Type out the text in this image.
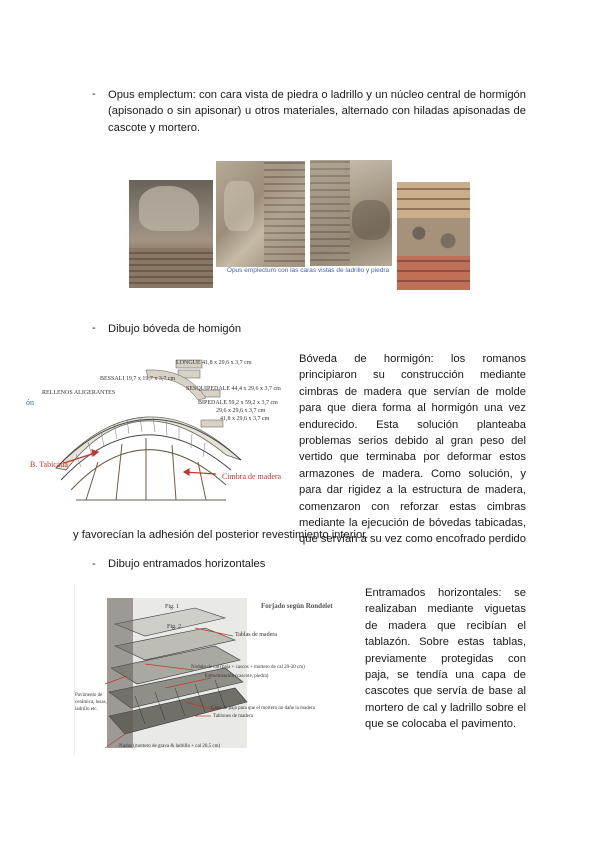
- Opus emplectum: con cara vista de piedra o ladrillo y un núcleo central de hormigón (apisonado o sin apisonar) u otros materiales, alternado con hiladas apisonadas de cascote y mortero.
Opus emplectum con las caras vistas de ladrillo y piedra
- Dibujo bóveda de homigón
ón
B. Tabicada
Cimbra de madera
LONGUE 41,8 x 29,6 x 3,7 cm
BESSALI 19,7 x 19,7 x 3,7 cm
RELLENOS ALIGERANTES
SESQUIPEDALE 44,4 x 29,6 x 3,7 cm
BIPEDALE 59,2 x 59,2 x 3,7 cm
29,6 x 29,6 x 3,7 cm
41,8 x 29,6 x 3,7 cm
Bóveda de hormigón: los romanos principiaron su construcción mediante cimbras de madera que servían de molde para que diera forma al hormigón una vez endurecido. Esta solución planteaba problemas serios debido al gran peso del vertido que terminaba por deformar estos armazones de madera. Como solución, y para dar rigidez a la estructura de madera, comenzaron con reforzar estas cimbras mediante la ejecución de bóvedas tabicadas, que servían a su vez como encofrado perdido
y favorecían la adhesión del posterior revestimiento interior.
- Dibujo entramados horizontales
Forjado según Rondelet
Fig. 1
Fig. 2
Tablas de madera
Nodulo de cal (paja + cascos + mortero de cal 20-30 cm)
Estructuración (cascote, piedra)
Capa de paja para que el mortero no dañe la madera
Tablones de madera
Pavimento de cerámica, losas, ladrillo etc.
Nudus (mortero de grava & ladrillo + cal 20,5 cm)
Entramados horizontales: se realizaban mediante viguetas de madera que recibían el tablazón. Sobre estas tablas, previamente protegidas con paja, se tendía una capa de cascotes que servía de base al mortero de cal y ladrillo sobre el que se colocaba el pavimento.
